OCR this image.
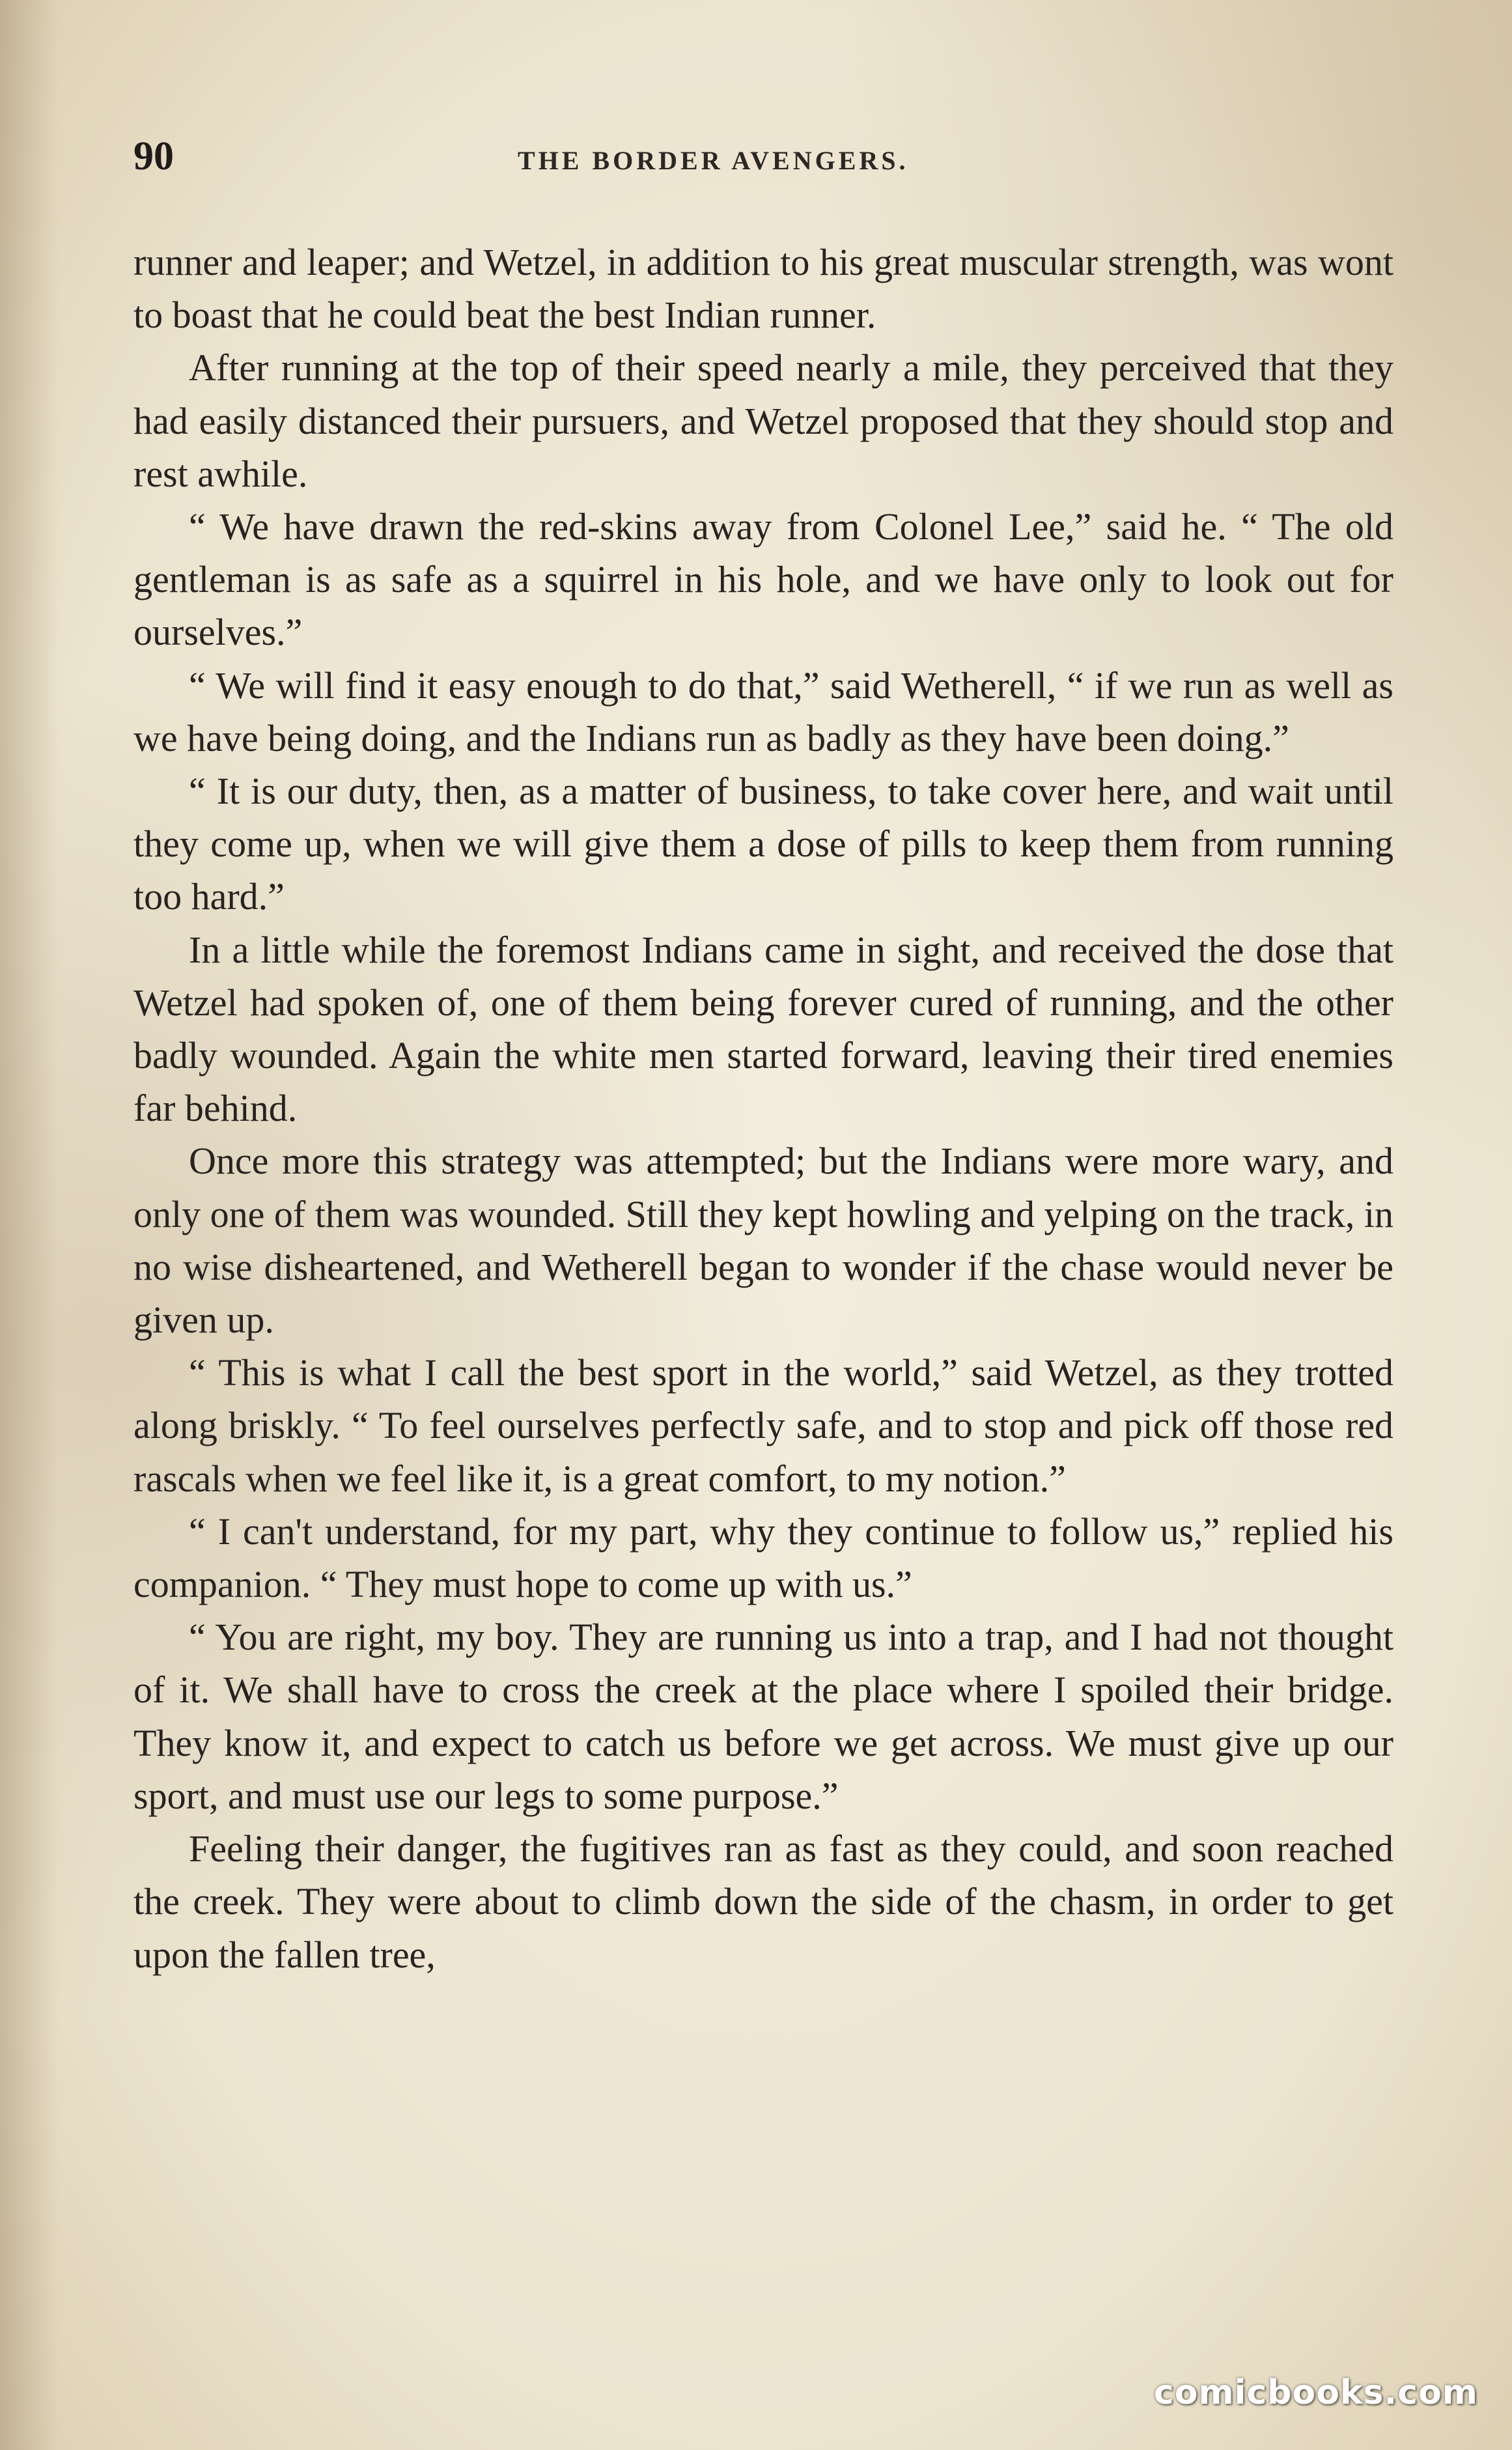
90	THE BORDER AVENGERS.

runner and leaper; and Wetzel, in addition to his great muscular strength, was wont to boast that he could beat the best Indian runner.

After running at the top of their speed nearly a mile, they perceived that they had easily distanced their pursuers, and Wetzel proposed that they should stop and rest awhile.

“ We have drawn the red-skins away from Colonel Lee,” said he. “ The old gentleman is as safe as a squirrel in his hole, and we have only to look out for ourselves.”

“ We will find it easy enough to do that,” said Wetherell, “ if we run as well as we have being doing, and the Indians run as badly as they have been doing.”

“ It is our duty, then, as a matter of business, to take cover here, and wait until they come up, when we will give them a dose of pills to keep them from running too hard.”

In a little while the foremost Indians came in sight, and received the dose that Wetzel had spoken of, one of them being forever cured of running, and the other badly wounded. Again the white men started forward, leaving their tired enemies far behind.

Once more this strategy was attempted; but the Indians were more wary, and only one of them was wounded. Still they kept howling and yelping on the track, in no wise disheartened, and Wetherell began to wonder if the chase would never be given up.

“ This is what I call the best sport in the world,” said Wetzel, as they trotted along briskly. “ To feel ourselves perfectly safe, and to stop and pick off those red rascals when we feel like it, is a great comfort, to my notion.”

“ I can't understand, for my part, why they continue to follow us,” replied his companion. “ They must hope to come up with us.”

“ You are right, my boy. They are running us into a trap, and I had not thought of it. We shall have to cross the creek at the place where I spoiled their bridge. They know it, and expect to catch us before we get across. We must give up our sport, and must use our legs to some purpose.”

Feeling their danger, the fugitives ran as fast as they could, and soon reached the creek. They were about to climb down the side of the chasm, in order to get upon the fallen tree,

comicbooks.com
